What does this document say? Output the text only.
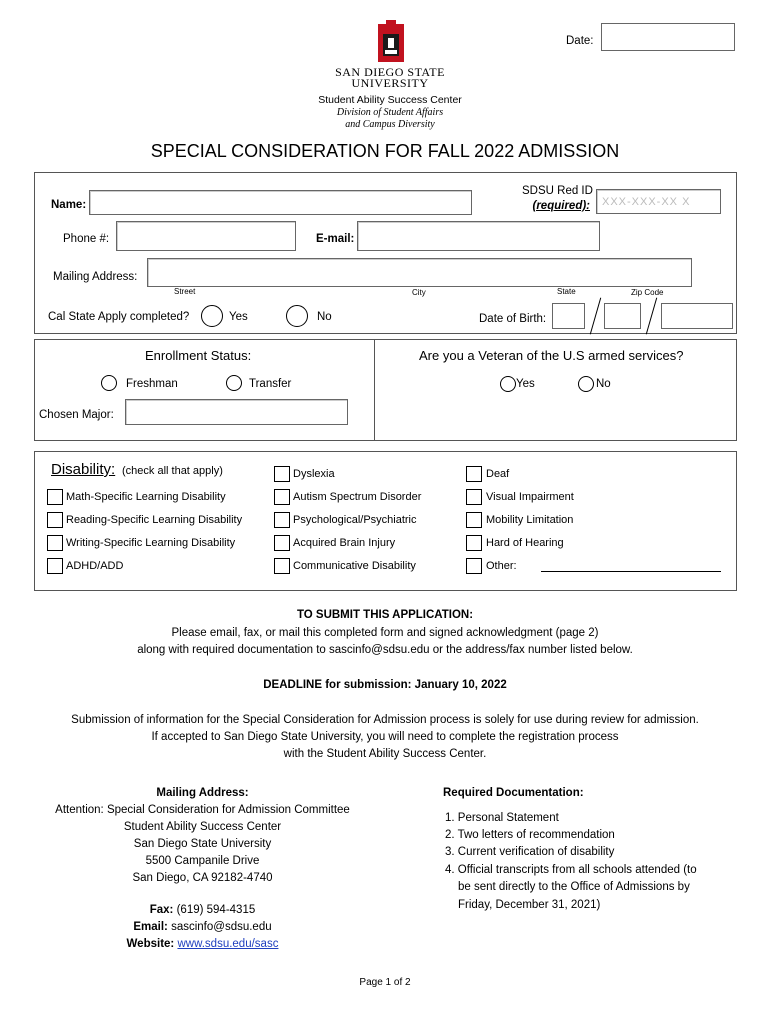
Date:
SAN DIEGO STATE
UNIVERSITY
Student Ability Success Center
Division of Student Affairs
and Campus Diversity
SPECIAL CONSIDERATION FOR FALL 2022 ADMISSION
Name:
SDSU Red ID
(required): XXX-XXX-XX X
Phone #:	E-mail:
Mailing Address:
Street	City	State	Zip Code
Cal State Apply completed?	Yes	No	Date of Birth:
Enrollment Status:
Freshman	Transfer
Chosen Major:
Are you a Veteran of the U.S armed services?
Yes	No
Disability: (check all that apply)
Math-Specific Learning Disability
Reading-Specific Learning Disability
Writing-Specific Learning Disability
ADHD/ADD
Dyslexia
Autism Spectrum Disorder
Psychological/Psychiatric
Acquired Brain Injury
Communicative Disability
Deaf
Visual Impairment
Mobility Limitation
Hard of Hearing
Other:
TO SUBMIT THIS APPLICATION:
Please email, fax, or mail this completed form and signed acknowledgment (page 2)
along with required documentation to sascinfo@sdsu.edu or the address/fax number listed below.
DEADLINE for submission: January 10, 2022
Submission of information for the Special Consideration for Admission process is solely for use during review for admission.
If accepted to San Diego State University, you will need to complete the registration process
with the Student Ability Success Center.
Mailing Address:
Attention: Special Consideration for Admission Committee
Student Ability Success Center
San Diego State University
5500 Campanile Drive
San Diego, CA 92182-4740
Fax: (619) 594-4315
Email: sascinfo@sdsu.edu
Website: www.sdsu.edu/sasc
Required Documentation:
1. Personal Statement
2. Two letters of recommendation
3. Current verification of disability
4. Official transcripts from all schools attended (to
be sent directly to the Office of Admissions by
Friday, December 31, 2021)
Page 1 of 2
